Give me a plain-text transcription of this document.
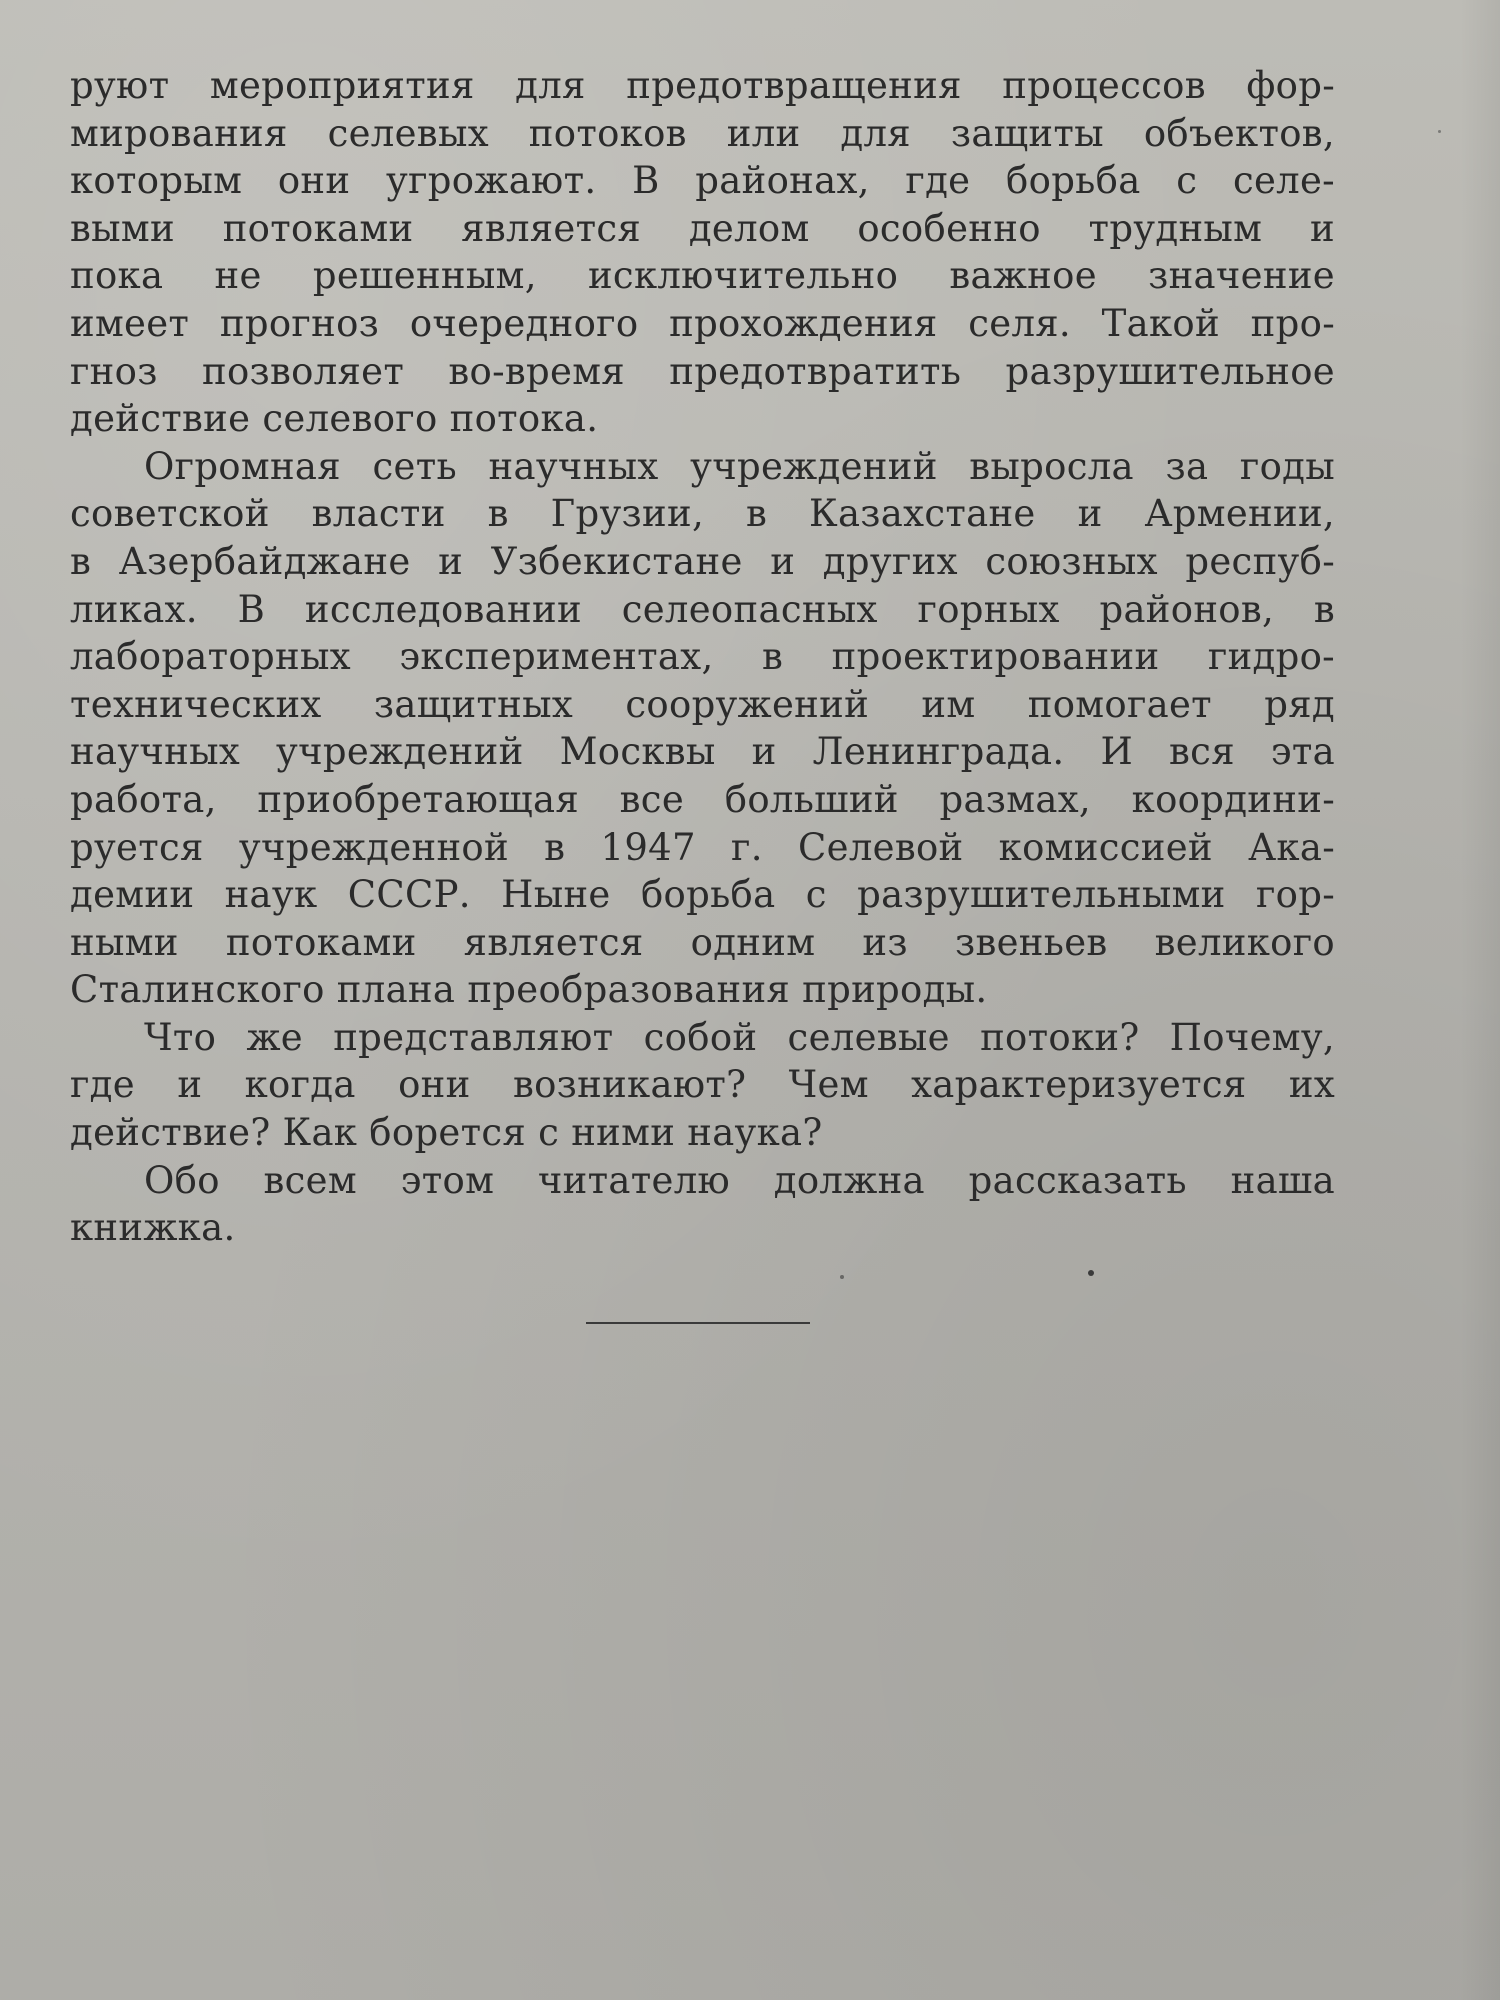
руют мероприятия для предотвращения процессов фор-
мирования селевых потоков или для защиты объектов,
которым они угрожают. В районах, где борьба с селе-
выми потоками является делом особенно трудным и
пока не решенным, исключительно важное значение
имеет прогноз очередного прохождения селя. Такой про-
гноз позволяет во-время предотвратить разрушительное
действие селевого потока.
Огромная сеть научных учреждений выросла за годы
советской власти в Грузии, в Казахстане и Армении,
в Азербайджане и Узбекистане и других союзных респуб-
ликах. В исследовании селеопасных горных районов, в
лабораторных экспериментах, в проектировании гидро-
технических защитных сооружений им помогает ряд
научных учреждений Москвы и Ленинграда. И вся эта
работа, приобретающая все больший размах, координи-
руется учрежденной в 1947 г. Селевой комиссией Ака-
демии наук СССР. Ныне борьба с разрушительными гор-
ными потоками является одним из звеньев великого
Сталинского плана преобразования природы.
Что же представляют собой селевые потоки? Почему,
где и когда они возникают? Чем характеризуется их
действие? Как борется с ними наука?
Обо всем этом читателю должна рассказать наша
книжка.
